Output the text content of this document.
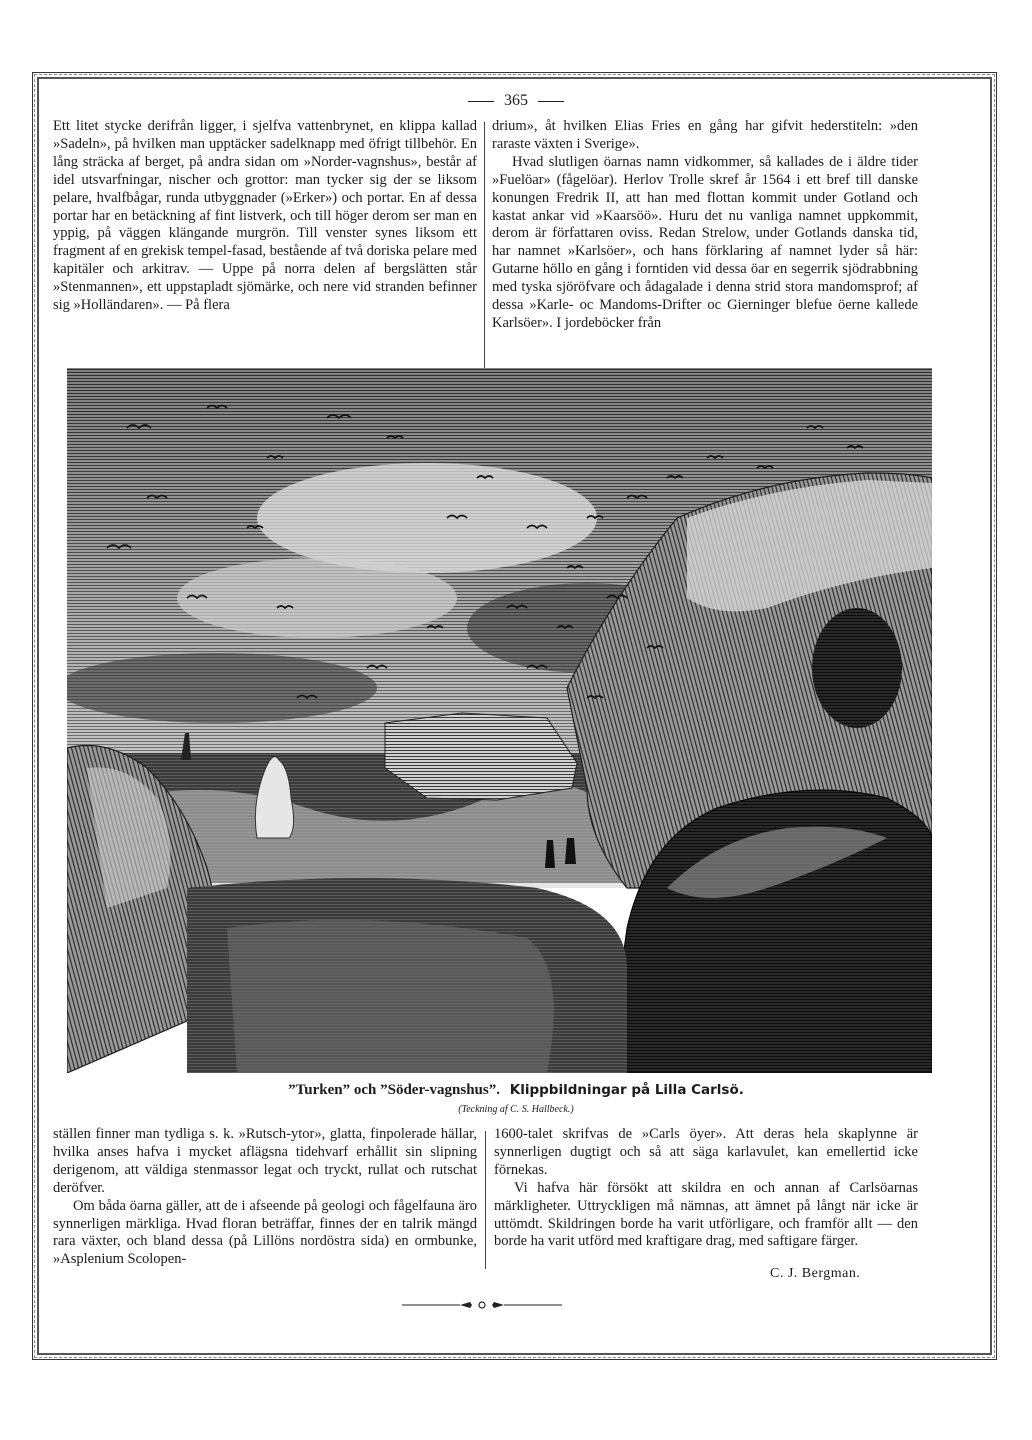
365

Ett litet stycke derifrån ligger, i sjelfva vattenbrynet, en klippa kallad »Sadeln», på hvilken man upptäcker sadelknapp med öfrigt tillbehör. En lång sträcka af berget, på andra sidan om »Norder-vagnshus», består af idel utsvarfningar, nischer och grottor: man tycker sig der se liksom pelare, hvalfbågar, runda utbyggnader (»Erker») och portar. En af dessa portar har en betäckning af fint listverk, och till höger derom ser man en yppig, på väggen klängande murgrön. Till venster synes liksom ett fragment af en grekisk tempel-fasad, bestående af två doriska pelare med kapitäler och arkitrav. — Uppe på norra delen af bergslätten står »Stenmannen», ett uppstapladt sjömärke, och nere vid stranden befinner sig »Holländaren». — På flera

drium», åt hvilken Elias Fries en gång har gifvit hederstiteln: »den raraste växten i Sverige».

Hvad slutligen öarnas namn vidkommer, så kallades de i äldre tider »Fuelöar» (fågelöar). Herlov Trolle skref år 1564 i ett bref till danske konungen Fredrik II, att han med flottan kommit under Gotland och kastat ankar vid »Kaarsöö». Huru det nu vanliga namnet uppkommit, derom är författaren oviss. Redan Strelow, under Gotlands danska tid, har namnet »Karlsöer», och hans förklaring af namnet lyder så här: Gutarne höllo en gång i forntiden vid dessa öar en segerrik sjödrabbning med tyska sjöröfvare och ådagalade i denna strid stora mandomsprof; af dessa »Karle- oc Mandoms-Drifter oc Gierninger blefue öerne kallede Karlsöer». I jordeböcker från

”Turken” och ”Söder-vagnshus”. Klippbildningar på Lilla Carlsö.
(Teckning af C. S. Hallbeck.)

ställen finner man tydliga s. k. »Rutsch-ytor», glatta, finpolerade hällar, hvilka anses hafva i mycket aflägsna tidehvarf erhållit sin slipning derigenom, att väldiga stenmassor legat och tryckt, rullat och rutschat deröfver.

Om båda öarna gäller, att de i afseende på geologi och fågelfauna äro synnerligen märkliga. Hvad floran beträffar, finnes der en talrik mängd rara växter, och bland dessa (på Lillöns nordöstra sida) en ormbunke, »Asplenium Scolopen-

1600-talet skrifvas de »Carls öyer». Att deras hela skaplynne är synnerligen dugtigt och så att säga karlavulet, kan emellertid icke förnekas.

Vi hafva här försökt att skildra en och annan af Carlsöarnas märkligheter. Uttryckligen må nämnas, att ämnet på långt när icke är uttömdt. Skildringen borde ha varit utförligare, och framför allt — den borde ha varit utförd med kraftigare drag, med saftigare färger.

C. J. Bergman.
